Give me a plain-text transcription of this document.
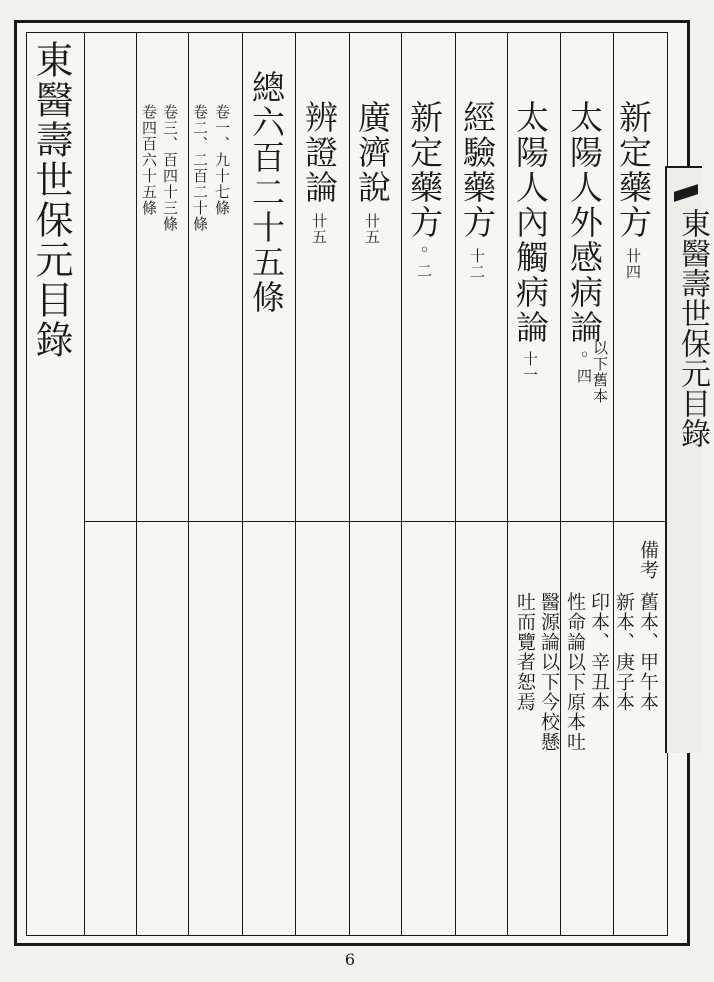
東醫壽世保元目錄	新定藥方卄四
太陽人外感病論◦四
以下舊本
太陽人內觸病論十一
經驗藥方十二
新定藥方◦二
廣濟說卄五
辨證論卄五
總六百二十五條
卷一、九十七條
卷二、二百二十條
卷三、百四十三條
卷四百六十五條
備考
舊本、甲午本
新本、庚子本
印本、辛丑本
性命論以下原本吐
醫源論以下今校懸
吐而覽者恕焉
東醫壽世保元目錄
6
